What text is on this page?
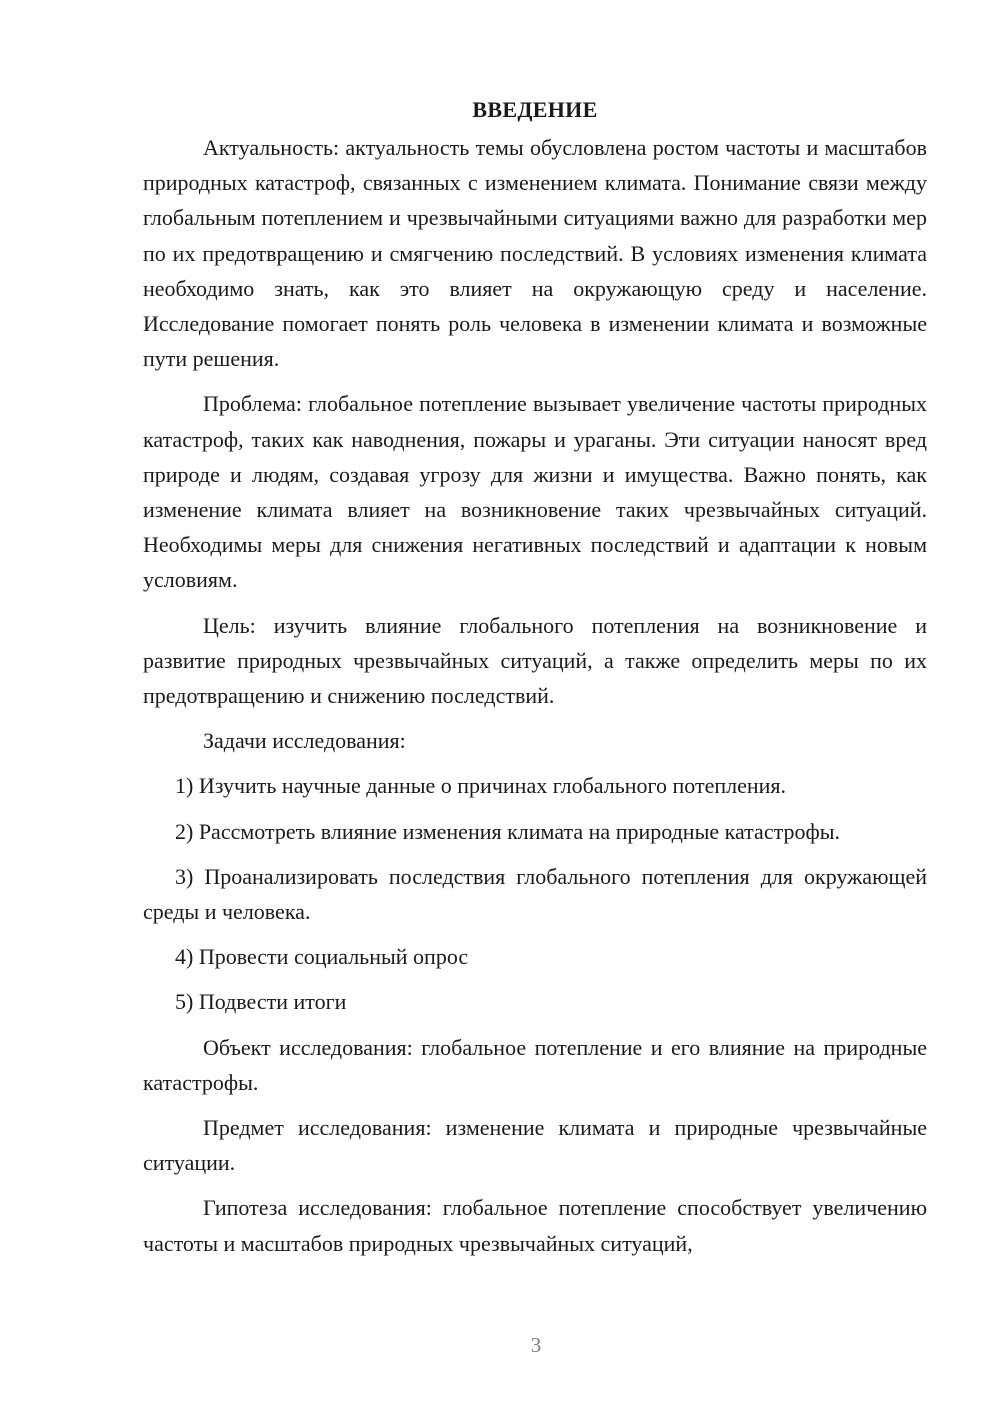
ВВЕДЕНИЕ

Актуальность: актуальность темы обусловлена ростом частоты и масштабов природных катастроф, связанных с изменением климата. Понимание связи между глобальным потеплением и чрезвычайными ситуациями важно для разработки мер по их предотвращению и смягчению последствий. В условиях изменения климата необходимо знать, как это влияет на окружающую среду и население. Исследование помогает понять роль человека в изменении климата и возможные пути решения.

Проблема: глобальное потепление вызывает увеличение частоты природных катастроф, таких как наводнения, пожары и ураганы. Эти ситуации наносят вред природе и людям, создавая угрозу для жизни и имущества. Важно понять, как изменение климата влияет на возникновение таких чрезвычайных ситуаций. Необходимы меры для снижения негативных последствий и адаптации к новым условиям.

Цель: изучить влияние глобального потепления на возникновение и развитие природных чрезвычайных ситуаций, а также определить меры по их предотвращению и снижению последствий.

Задачи исследования:

1) Изучить научные данные о причинах глобального потепления.

2) Рассмотреть влияние изменения климата на природные катастрофы.

3) Проанализировать последствия глобального потепления для окружающей среды и человека.

4) Провести социальный опрос

5) Подвести итоги

Объект исследования: глобальное потепление и его влияние на природные катастрофы.

Предмет исследования: изменение климата и природные чрезвычайные ситуации.

Гипотеза исследования: глобальное потепление способствует увеличению частоты и масштабов природных чрезвычайных ситуаций,

3
